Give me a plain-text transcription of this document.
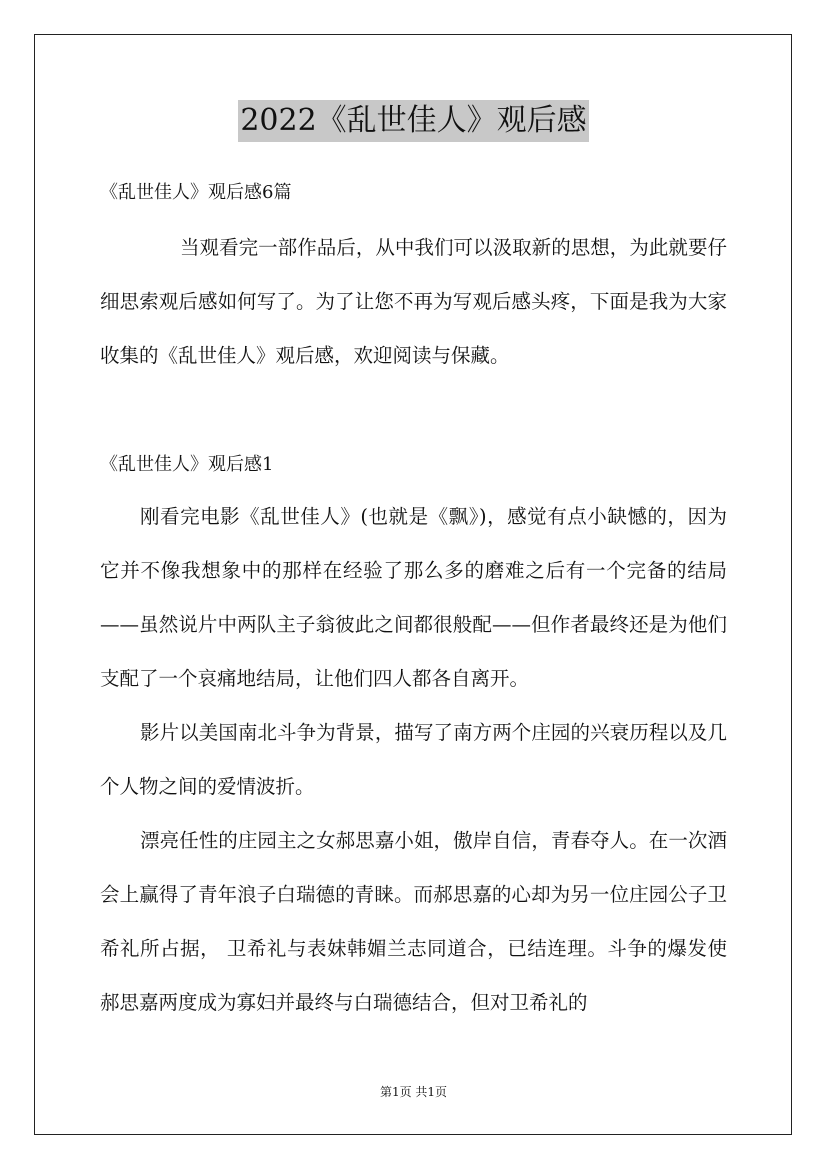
2022《乱世佳人》观后感
《乱世佳人》观后感6篇

当观看完一部作品后，从中我们可以汲取新的思想，为此就要仔细思索观后感如何写了。为了让您不再为写观后感头疼，下面是我为大家收集的《乱世佳人》观后感，欢迎阅读与保藏。

《乱世佳人》观后感1

刚看完电影《乱世佳人》(也就是《飘》)，感觉有点小缺憾的，因为它并不像我想象中的那样在经验了那么多的磨难之后有一个完备的结局——虽然说片中两队主子翁彼此之间都很般配——但作者最终还是为他们支配了一个哀痛地结局，让他们四人都各自离开。

影片以美国南北斗争为背景，描写了南方两个庄园的兴衰历程以及几个人物之间的爱情波折。

漂亮任性的庄园主之女郝思嘉小姐，傲岸自信，青春夺人。在一次酒会上赢得了青年浪子白瑞德的青睐。而郝思嘉的心却为另一位庄园公子卫希礼所占据， 卫希礼与表妹韩媚兰志同道合，已结连理。斗争的爆发使郝思嘉两度成为寡妇并最终与白瑞德结合，但对卫希礼的

第1页 共1页
